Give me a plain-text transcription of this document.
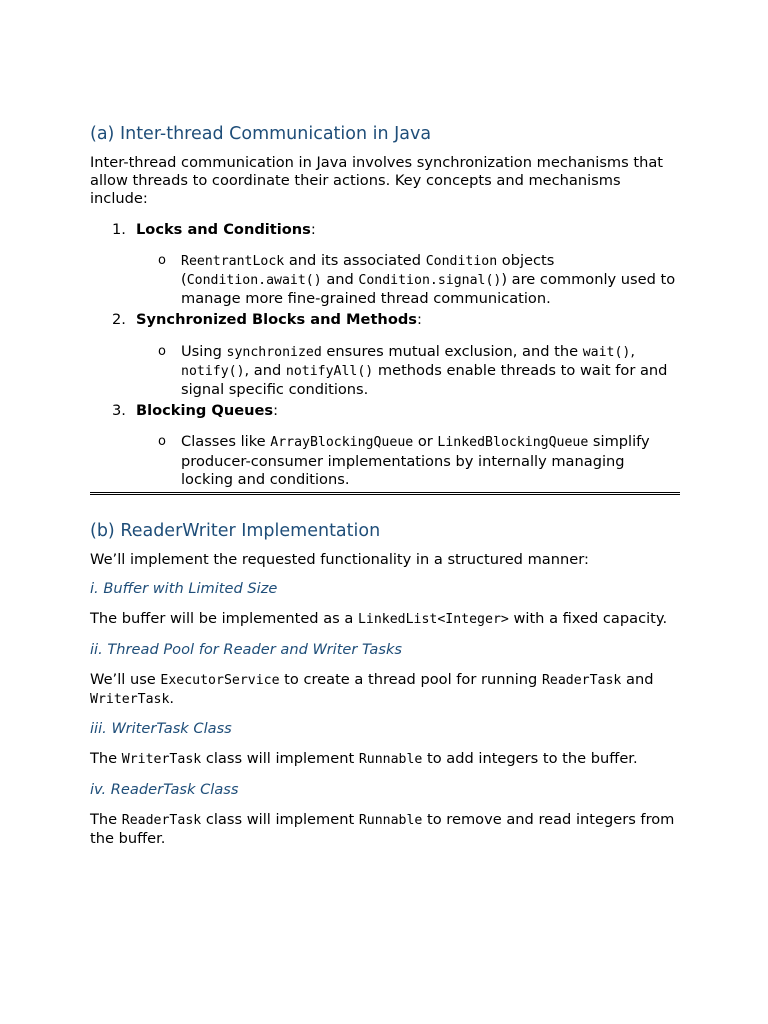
(a) Inter-thread Communication in Java

Inter-thread communication in Java involves synchronization mechanisms that allow threads to coordinate their actions. Key concepts and mechanisms include:

1. Locks and Conditions:
o ReentrantLock and its associated Condition objects (Condition.await() and Condition.signal()) are commonly used to manage more fine-grained thread communication.
2. Synchronized Blocks and Methods:
o Using synchronized ensures mutual exclusion, and the wait(), notify(), and notifyAll() methods enable threads to wait for and signal specific conditions.
3. Blocking Queues:
o Classes like ArrayBlockingQueue or LinkedBlockingQueue simplify producer-consumer implementations by internally managing locking and conditions.
(b) ReaderWriter Implementation

We’ll implement the requested functionality in a structured manner:

i. Buffer with Limited Size

The buffer will be implemented as a LinkedList<Integer> with a fixed capacity.

ii. Thread Pool for Reader and Writer Tasks

We’ll use ExecutorService to create a thread pool for running ReaderTask and WriterTask.

iii. WriterTask Class

The WriterTask class will implement Runnable to add integers to the buffer.

iv. ReaderTask Class

The ReaderTask class will implement Runnable to remove and read integers from the buffer.
